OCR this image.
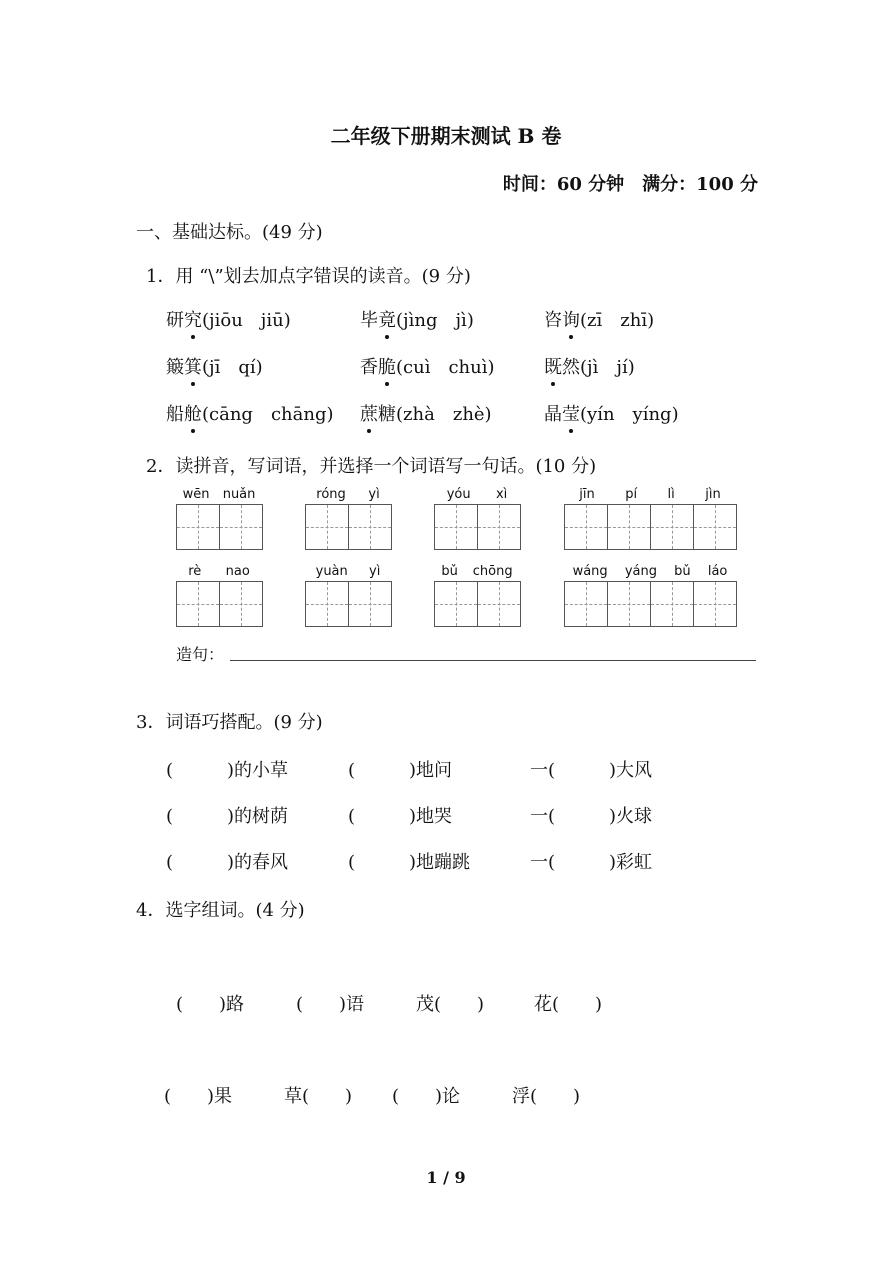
二年级下册期末测试 B 卷
时间：60 分钟　满分：100 分
一、基础达标。(49 分)
1．用 “\”划去加点字错误的读音。(9 分)
研究(jiōu　jiū)	毕竟(jìng　jì)	咨询(zī　zhī)
簸箕(jī　qí)	香脆(cuì　chuì)	既然(jì　jí)
船舱(cāng　chāng) 蔗糖(zhà　zhè)	晶莹(yín　yíng)
2．读拼音，写词语，并选择一个词语写一句话。(10 分)
wēn nuǎn	róng yì	yóu xì	jīn pí lì jìn
rè nao	yuàn yì	bǔ chōng	wáng yáng bǔ láo
造句：
3．词语巧搭配。(9 分)
(　　　)的小草	(　　　)地问	一(　　　)大风
(　　　)的树荫	(　　　)地哭	一(　　　)火球
(　　　)的春风	(　　　)地蹦跳	一(　　　)彩虹
4．选字组词。(4 分)
(　　)路	(　　)语	茂(　　)	花(　　)
(　　)果	草(　　) (　　)论	浮(　　)
1 / 9
